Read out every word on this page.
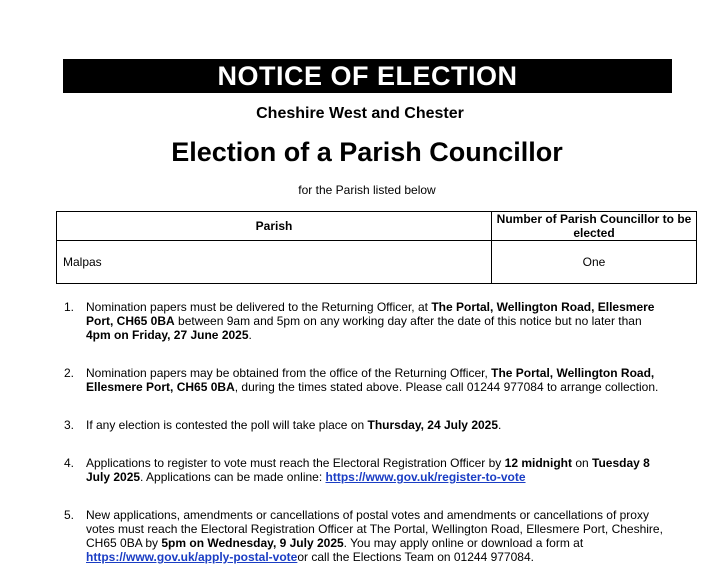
NOTICE OF ELECTION
Cheshire West and Chester
Election of a Parish Councillor
for the Parish listed below
Parish	Number of Parish Councillor to be elected
Malpas	One
1. Nomination papers must be delivered to the Returning Officer, at The Portal, Wellington Road, Ellesmere Port, CH65 0BA between 9am and 5pm on any working day after the date of this notice but no later than 4pm on Friday, 27 June 2025.
2. Nomination papers may be obtained from the office of the Returning Officer, The Portal, Wellington Road, Ellesmere Port, CH65 0BA, during the times stated above. Please call 01244 977084 to arrange collection.
3. If any election is contested the poll will take place on Thursday, 24 July 2025.
4. Applications to register to vote must reach the Electoral Registration Officer by 12 midnight on Tuesday 8 July 2025. Applications can be made online: https://www.gov.uk/register-to-vote
5. New applications, amendments or cancellations of postal votes and amendments or cancellations of proxy votes must reach the Electoral Registration Officer at The Portal, Wellington Road, Ellesmere Port, Cheshire, CH65 0BA by 5pm on Wednesday, 9 July 2025. You may apply online or download a form at https://www.gov.uk/apply-postal-voteor call the Elections Team on 01244 977084.
